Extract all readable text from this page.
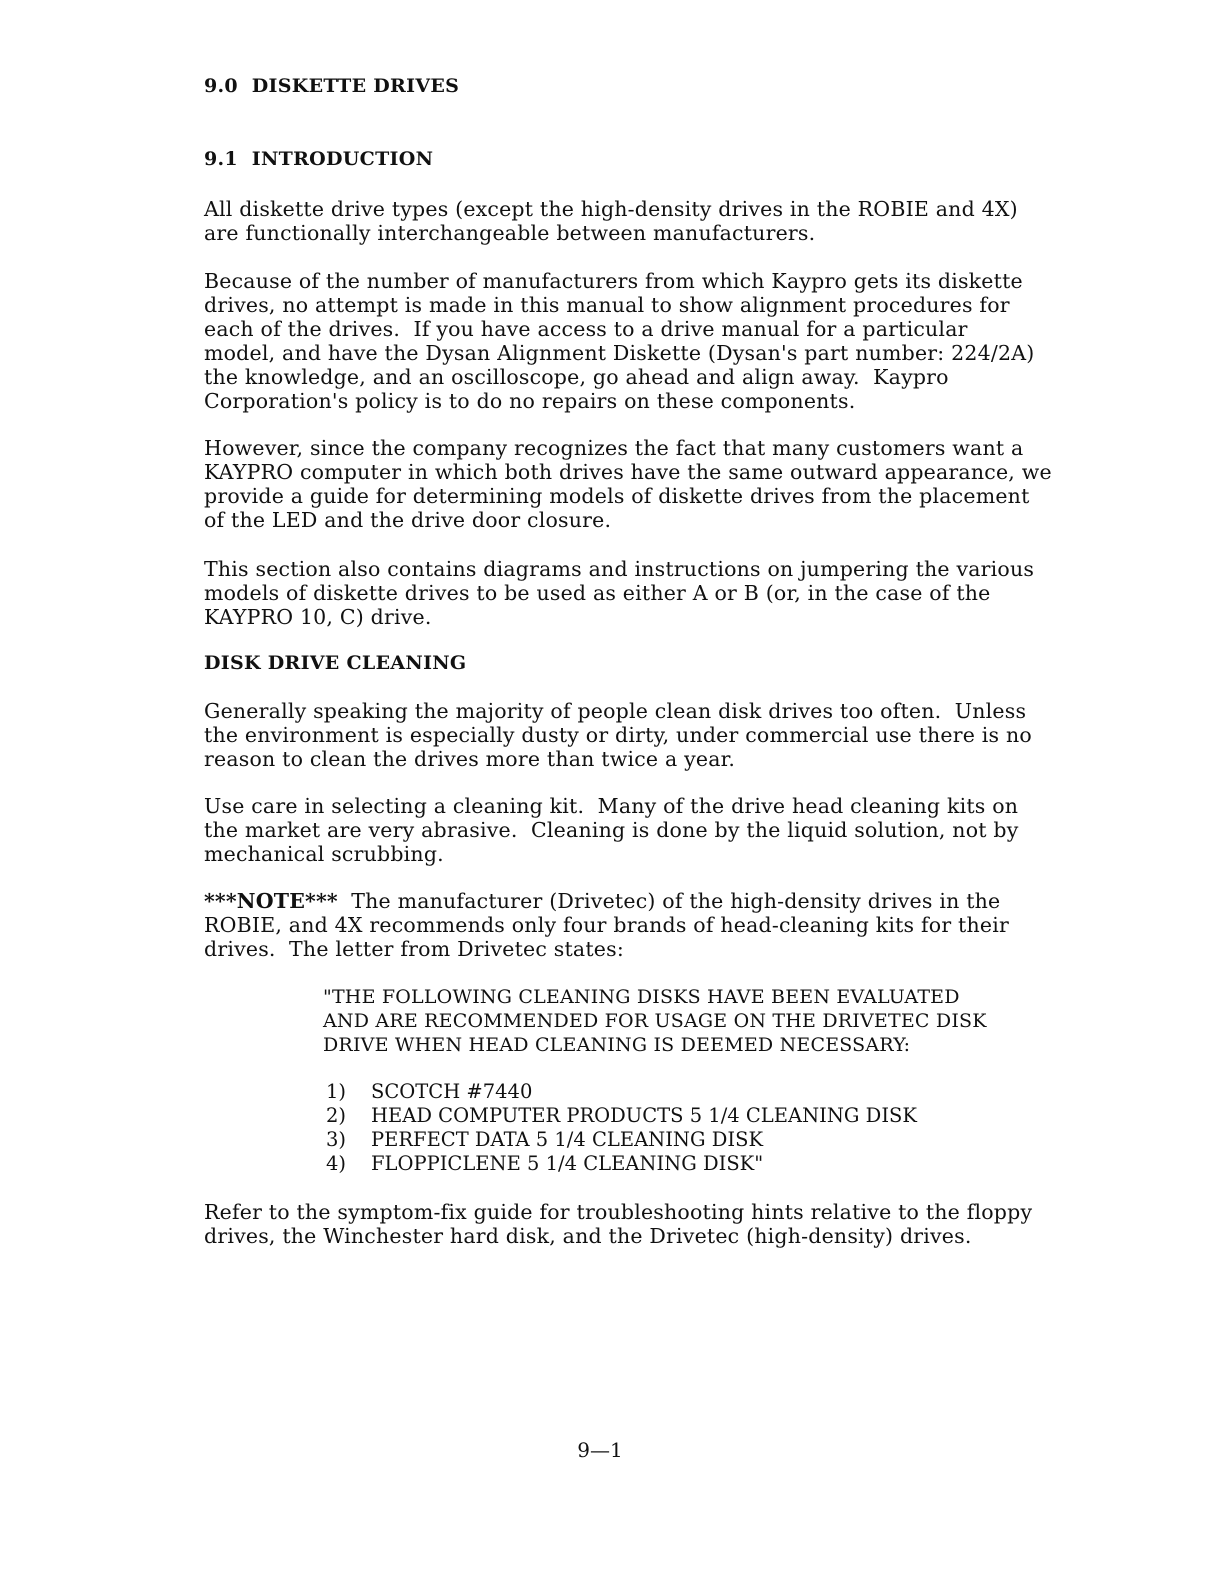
9.0  DISKETTE DRIVES
9.1  INTRODUCTION
All diskette drive types (except the high-density drives in the ROBIE and 4X)
are functionally interchangeable between manufacturers.
Because of the number of manufacturers from which Kaypro gets its diskette
drives, no attempt is made in this manual to show alignment procedures for
each of the drives.  If you have access to a drive manual for a particular
model, and have the Dysan Alignment Diskette (Dysan's part number: 224/2A)
the knowledge, and an oscilloscope, go ahead and align away.  Kaypro
Corporation's policy is to do no repairs on these components.
However, since the company recognizes the fact that many customers want a
KAYPRO computer in which both drives have the same outward appearance, we
provide a guide for determining models of diskette drives from the placement
of the LED and the drive door closure.
This section also contains diagrams and instructions on jumpering the various
models of diskette drives to be used as either A or B (or, in the case of the
KAYPRO 10, C) drive.
DISK DRIVE CLEANING
Generally speaking the majority of people clean disk drives too often.  Unless
the environment is especially dusty or dirty, under commercial use there is no
reason to clean the drives more than twice a year.
Use care in selecting a cleaning kit.  Many of the drive head cleaning kits on
the market are very abrasive.  Cleaning is done by the liquid solution, not by
mechanical scrubbing.
***NOTE***  The manufacturer (Drivetec) of the high-density drives in the
ROBIE, and 4X recommends only four brands of head-cleaning kits for their
drives.  The letter from Drivetec states:
"THE FOLLOWING CLEANING DISKS HAVE BEEN EVALUATED
AND ARE RECOMMENDED FOR USAGE ON THE DRIVETEC DISK
DRIVE WHEN HEAD CLEANING IS DEEMED NECESSARY:
1) SCOTCH #7440
2) HEAD COMPUTER PRODUCTS 5 1/4 CLEANING DISK
3) PERFECT DATA 5 1/4 CLEANING DISK
4) FLOPPICLENE 5 1/4 CLEANING DISK"
Refer to the symptom-fix guide for troubleshooting hints relative to the floppy
drives, the Winchester hard disk, and the Drivetec (high-density) drives.
9—1
